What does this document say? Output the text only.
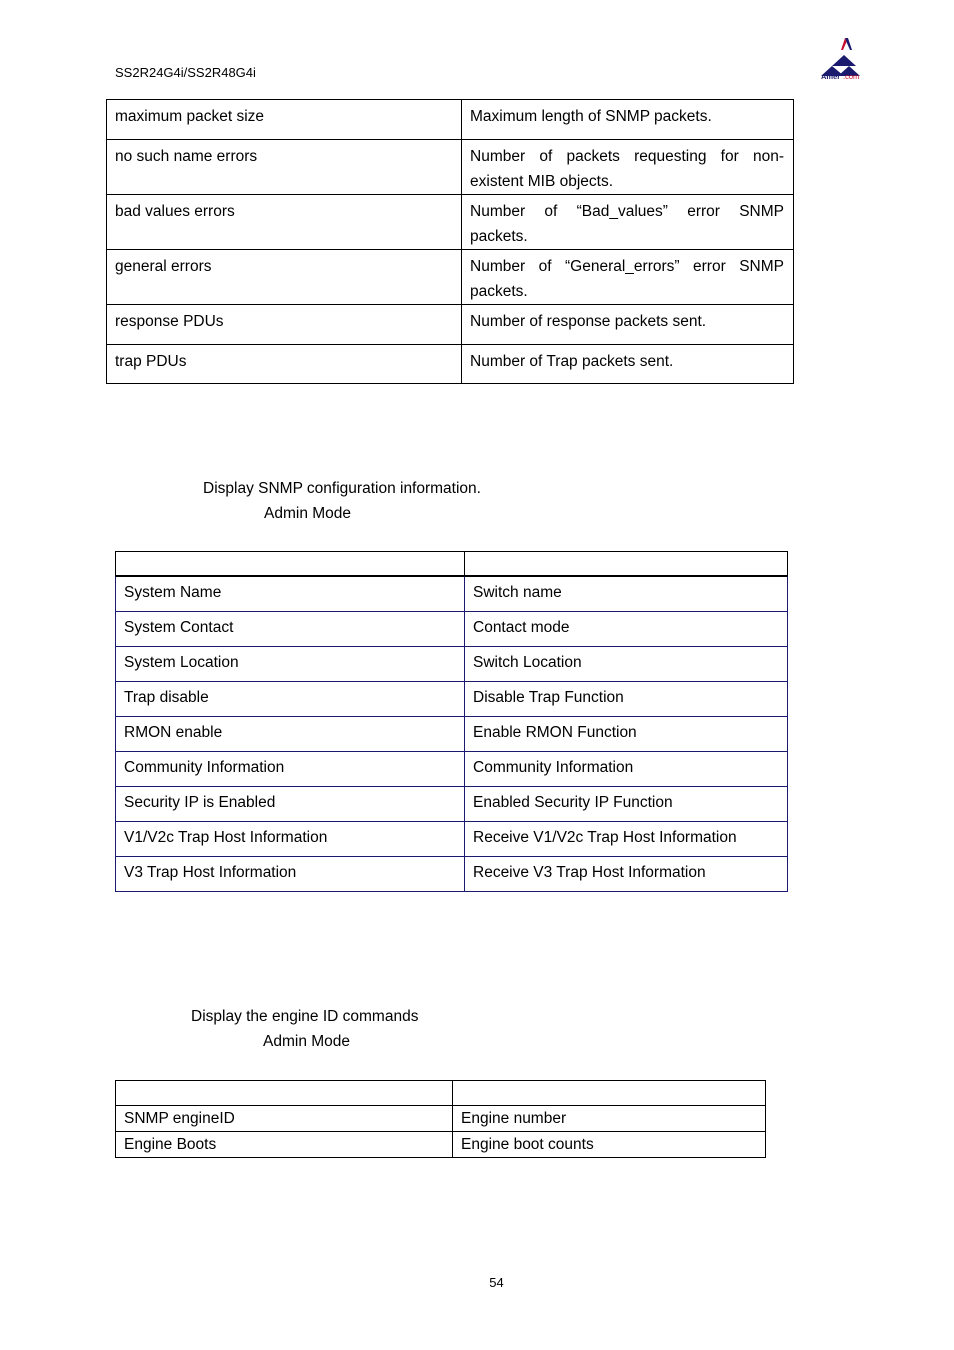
SS2R24G4i/SS2R48G4i	Amer .com
maximum packet size	Maximum length of SNMP packets.
no such name errors	Number of packets requesting for non-existent MIB objects.
bad values errors	Number of “Bad_values” error SNMP packets.
general errors	Number of “General_errors” error SNMP packets.
response PDUs	Number of response packets sent.
trap PDUs	Number of Trap packets sent.
Display SNMP configuration information.
Admin Mode

System Name	Switch name
System Contact	Contact mode
System Location	Switch Location
Trap disable	Disable Trap Function
RMON enable	Enable RMON Function
Community Information	Community Information
Security IP is Enabled	Enabled Security IP Function
V1/V2c Trap Host Information	Receive V1/V2c Trap Host Information
V3 Trap Host Information	Receive V3 Trap Host Information
Display the engine ID commands
Admin Mode

SNMP engineID	Engine number
Engine Boots	Engine boot counts
54
